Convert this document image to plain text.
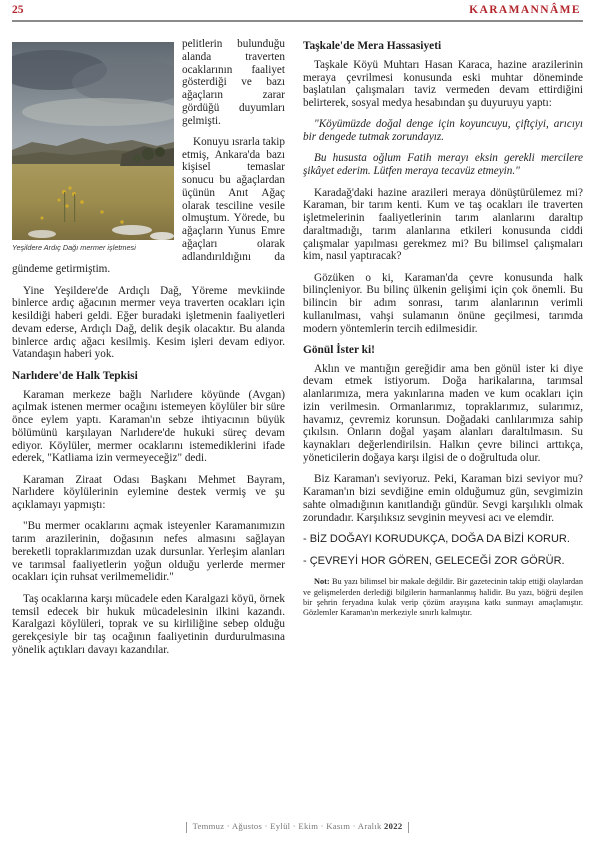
25	KARAMANNÂME
Yeşildere Ardıç Dağı mermer işletmesi

pelitlerin bulunduğu alanda traverten ocaklarının faaliyet gösterdiği ve bazı ağaçların zarar gördüğü duyumları gelmişti.

Konuyu ısrarla takip etmiş, Ankara'da bazı kişisel temaslar sonucu bu ağaçlardan üçünün Anıt Ağaç olarak tesciline vesile olmuştum. Yörede, bu ağaçların Yunus Emre ağaçları olarak adlandırıldığını da gündeme getirmiştim.

Yine Yeşildere'de Ardıçlı Dağ, Yöreme mevkiinde binlerce ardıç ağacının mermer veya traverten ocakları için kesildiği haberi geldi. Eğer buradaki işletmenin faaliyetleri devam ederse, Ardıçlı Dağ, delik deşik olacaktır. Bu alanda binlerce ardıç ağacı kesilmiş. Kesim işleri devam ediyor. Vatandaşın haberi yok.

Narlıdere'de Halk Tepkisi

Karaman merkeze bağlı Narlıdere köyünde (Avgan) açılmak istenen mermer ocağını istemeyen köylüler bir süre önce eylem yaptı. Karaman'ın sebze ihtiyacının büyük bölümünü karşılayan Narlıdere'de hukuki süreç devam ediyor. Köylüler, mermer ocaklarını istemediklerini ifade ederek, "Katliama izin vermeyeceğiz" dedi.

Karaman Ziraat Odası Başkanı Mehmet Bayram, Narlıdere köylülerinin eylemine destek vermiş ve şu açıklamayı yapmıştı:

"Bu mermer ocaklarını açmak isteyenler Karamanımızın tarım arazilerinin, doğasının nefes almasını sağlayan bereketli topraklarımızdan uzak dursunlar. Yerleşim alanları ve tarımsal faaliyetlerin yoğun olduğu yerlerde mermer ocakları için ruhsat verilmemelidir."

Taş ocaklarına karşı mücadele eden Karalgazi köyü, örnek temsil edecek bir hukuk mücadelesinin ilkini kazandı. Karalgazi köylüleri, toprak ve su kirliliğine sebep olduğu gerekçesiyle bir taş ocağının faaliyetinin durdurulmasına yönelik açtıkları davayı kazandılar.

Taşkale'de Mera Hassasiyeti

Taşkale Köyü Muhtarı Hasan Karaca, hazine arazilerinin meraya çevrilmesi konusunda eski muhtar döneminde başlatılan çalışmaları taviz vermeden devam ettirdiğini belirterek, sosyal medya hesabından şu duyuruyu yaptı:

"Köyümüzde doğal denge için koyuncuyu, çiftçiyi, arıcıyı bir dengede tutmak zorundayız.

Bu hususta oğlum Fatih merayı eksin gerekli mercilere şikâyet ederim. Lütfen meraya tecavüz etmeyin."

Karadağ'daki hazine arazileri meraya dönüştürülemez mi? Karaman, bir tarım kenti. Kum ve taş ocakları ile traverten işletmelerinin faaliyetlerinin tarım alanlarını daraltıp daraltmadığı, tarım alanlarına etkileri konusunda ciddi çalışmalar yapılması gerekmez mi? Bu bilimsel çalışmaları kim, nasıl yaptıracak?

Gözüken o ki, Karaman'da çevre konusunda halk bilinçleniyor. Bu bilinç ülkenin gelişimi için çok önemli. Bu bilincin bir adım sonrası, tarım alanlarının verimli kullanılması, vahşi sulamanın önüne geçilmesi, tarımda modern yöntemlerin tercih edilmesidir.

Gönül İster ki!

Aklın ve mantığın gereğidir ama ben gönül ister ki diye devam etmek istiyorum. Doğa harikalarına, tarımsal alanlarımıza, mera yakınlarına maden ve kum ocakları için izin verilmesin. Ormanlarımız, topraklarımız, sularımız, havamız, çevremiz korunsun. Doğadaki canlılarımıza sahip çıkılsın. Onların doğal yaşam alanları daraltılmasın. Su kaynakları değerlendirilsin. Halkın çevre bilinci arttıkça, yöneticilerin doğaya karşı ilgisi de o doğrultuda olur.

Biz Karaman'ı seviyoruz. Peki, Karaman bizi seviyor mu? Karaman'ın bizi sevdiğine emin olduğumuz gün, sevgimizin sahte olmadığının kanıtlandığı gündür. Sevgi karşılıklı olmak zorundadır. Karşılıksız sevginin meyvesi acı ve elemdir.

- BİZ DOĞAYI KORUDUKÇA, DOĞA DA BİZİ KORUR.

- ÇEVREYİ HOR GÖREN, GELECEĞİ ZOR GÖRÜR.

Not: Bu yazı bilimsel bir makale değildir. Bir gazetecinin takip ettiği olaylardan ve gelişmelerden derlediği bilgilerin harmanlanmış halidir. Bu yazı, böğrü deşilen bir şehrin feryadına kulak verip çözüm arayışına katkı sunmayı amaçlamıştır. Gözlemler Karaman'ın merkeziyle sınırlı kalmıştır.

Temmuz · Ağustos · Eylül · Ekim · Kasım · Aralık 2022
